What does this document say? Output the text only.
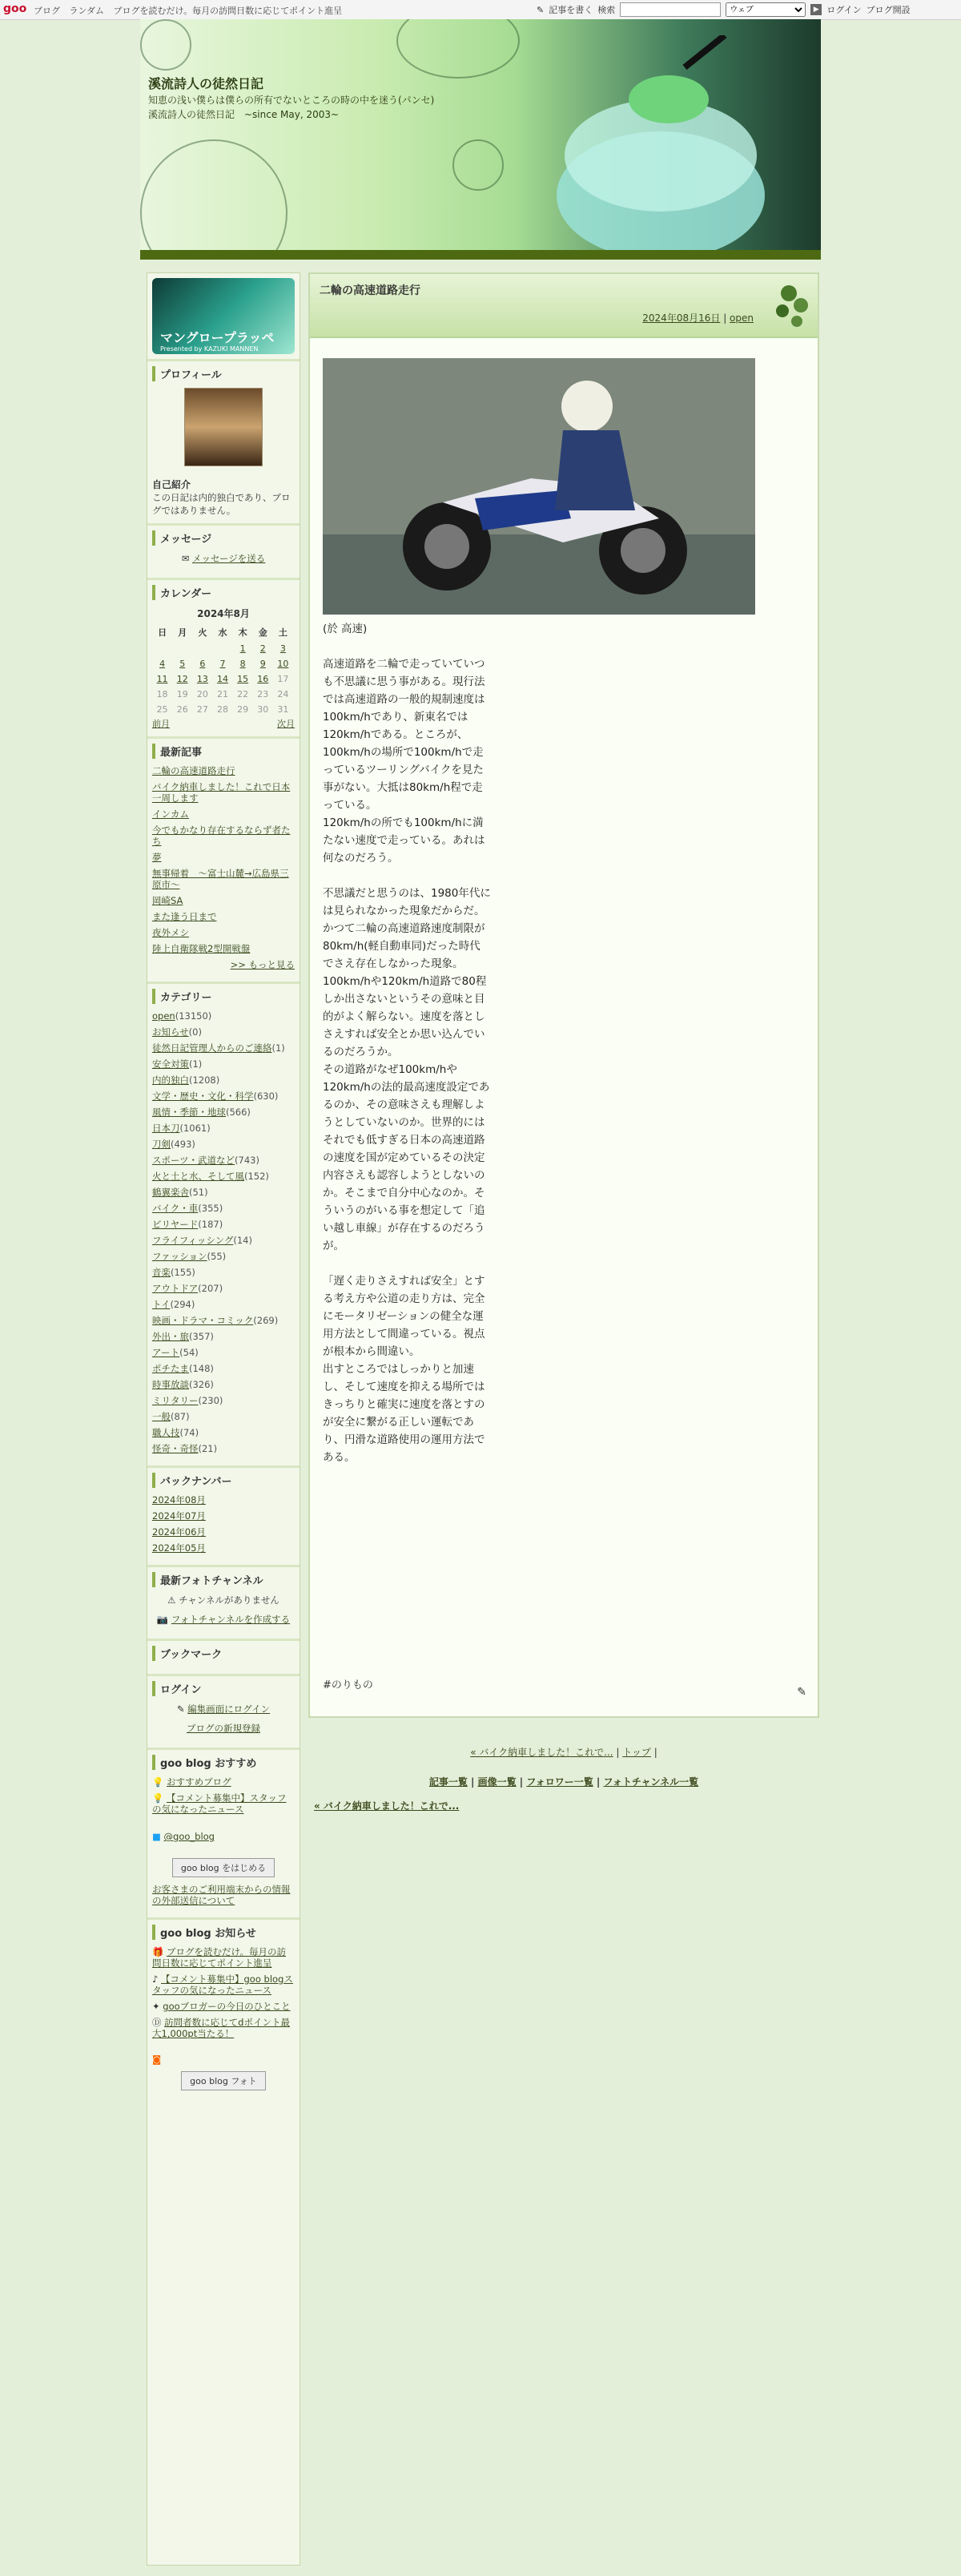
goo ブログ ランダム ブログを読むだけ。毎月の訪問日数に応じてポイント進呈	✎ 記事を書く 検索
ウェブ	▶ ログイン ブログ開設
溪流詩人の徒然日記
知恵の浅い僕らは僕らの所有でないところの時の中を迷う(パンセ)　溪流詩人の徒然日記　~since May, 2003~
マングロープラッペ
Presented by KAZUKI MANNEN
プロフィール
自己紹介
この日記は内的独白であり、ブログではありません。
メッセージ
✉ メッセージを送る
カレンダー
2024年8月
日	月	火	水	木	金	土
				1	2	3
4	5	6	7	8	9	10
11	12	13	14	15	16	17
18	19	20	21	22	23	24
25	26	27	28	29	30	31
前月	次月
最新記事
二輪の高速道路走行
バイク納車しました！これで日本一周します
インカム
今でもかなり存在するならず者たち
夢
無事帰着　～富士山麓→広島県三原市～
岡崎SA
また逢う日まで
夜外メシ
陸上自衛隊戦2型開戦盤
>> もっと見る
カテゴリー
open(13150)
お知らせ(0)
徒然日記管理人からのご連絡(1)
安全対策(1)
内的独白(1208)
文学・歴史・文化・科学(630)
風情・季節・地球(566)
日本刀(1061)
刀剣(493)
スポーツ・武道など(743)
火と土と水、そして風(152)
鶴翼楽舎(51)
バイク・車(355)
ビリヤード(187)
フライフィッシング(14)
ファッション(55)
音楽(155)
アウトドア(207)
トイ(294)
映画・ドラマ・コミック(269)
外出・旅(357)
アート(54)
ポチたま(148)
時事放談(326)
ミリタリー(230)
一般(87)
職人技(74)
怪奇・奇怪(21)
バックナンバー
2024年08月
2024年07月
2024年06月
2024年05月
最新フォトチャンネル
⚠ チャンネルがありません
📷 フォトチャンネルを作成する
ブックマーク
ログイン
✎ 編集画面にログイン
ブログの新規登録
goo blog おすすめ
💡 おすすめブログ
💡 【コメント募集中】スタッフの気になったニュース
■ @goo_blog
goo blog をはじめる
お客さまのご利用端末からの情報の外部送信について
goo blog お知らせ
🎁 ブログを読むだけ。毎月の訪問日数に応じてポイント進呈
♪ 【コメント募集中】goo blogスタッフの気になったニュース
✦ gooブロガーの今日のひとこと
Ⓓ 訪問者数に応じてdポイント最大1,000pt当たる！
◙
goo blog フォト
二輪の高速道路走行
2024年08月16日 | open
(於 高速)

高速道路を二輪で走っていていつも不思議に思う事がある。現行法では高速道路の一般的規制速度は100km/hであり、新東名では120km/hである。ところが、100km/hの場所で100km/hで走っているツーリングバイクを見た事がない。大抵は80km/h程で走っている。
120km/hの所でも100km/hに満たない速度で走っている。あれは何なのだろう。

不思議だと思うのは、1980年代には見られなかった現象だからだ。
かつて二輪の高速道路速度制限が80km/h(軽自動車同)だった時代でさえ存在しなかった現象。
100km/hや120km/h道路で80程しか出さないというその意味と目的がよく解らない。速度を落としさえすれば安全とか思い込んでいるのだろうか。
その道路がなぜ100km/hや120km/hの法的最高速度設定であるのか、その意味さえも理解しようとしていないのか。世界的にはそれでも低すぎる日本の高速道路の速度を国が定めているその決定内容さえも認容しようとしないのか。そこまで自分中心なのか。そういうのがいる事を想定して「追い越し車線」が存在するのだろうが。

「遅く走りさえすれば安全」とする考え方や公道の走り方は、完全にモータリゼーションの健全な運用方法として間違っている。視点が根本から間違い。
出すところではしっかりと加速し、そして速度を抑える場所ではきっちりと確実に速度を落とすのが安全に繋がる正しい運転であり、円滑な道路使用の運用方法である。
#のりもの
✎
« バイク納車しました！これで... | トップ |
記事一覧 | 画像一覧 | フォロワー一覧 | フォトチャンネル一覧
« バイク納車しました！これで...
